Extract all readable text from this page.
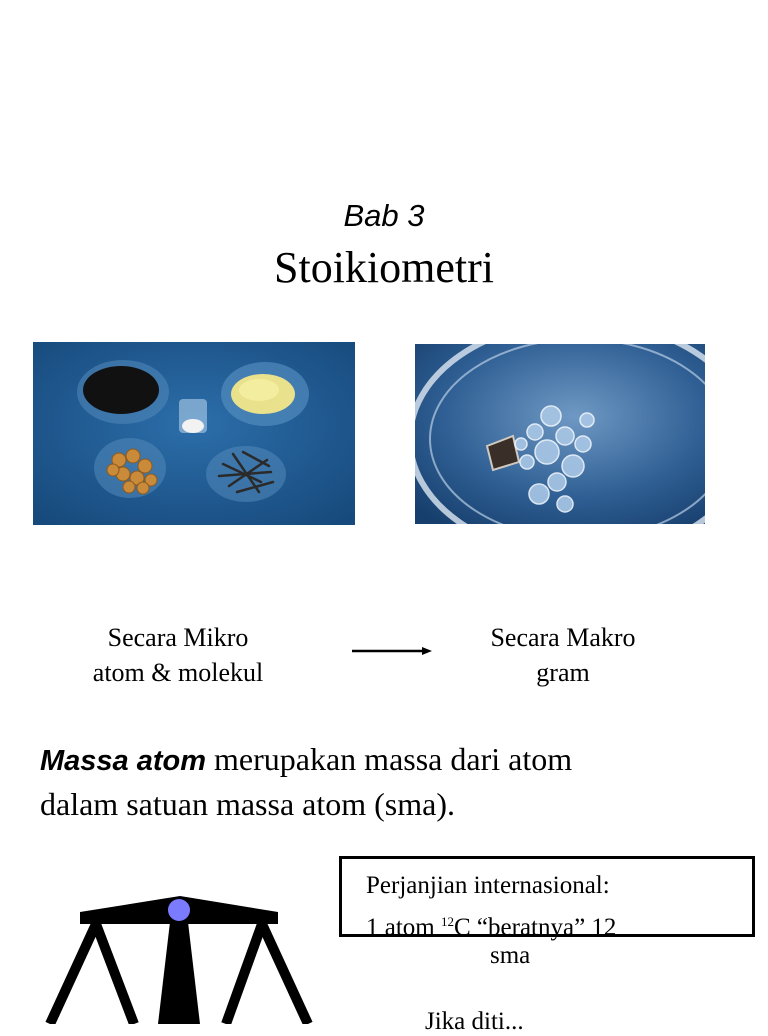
Bab 3
Stoikiometri
Secara Mikro
atom & molekul
Secara Makro
gram
Massa atom merupakan massa dari atom
dalam satuan massa atom (sma).
Perjanjian internasional:
1 atom $^{12}$C “beratnya” 12
sma
Jika diti...
